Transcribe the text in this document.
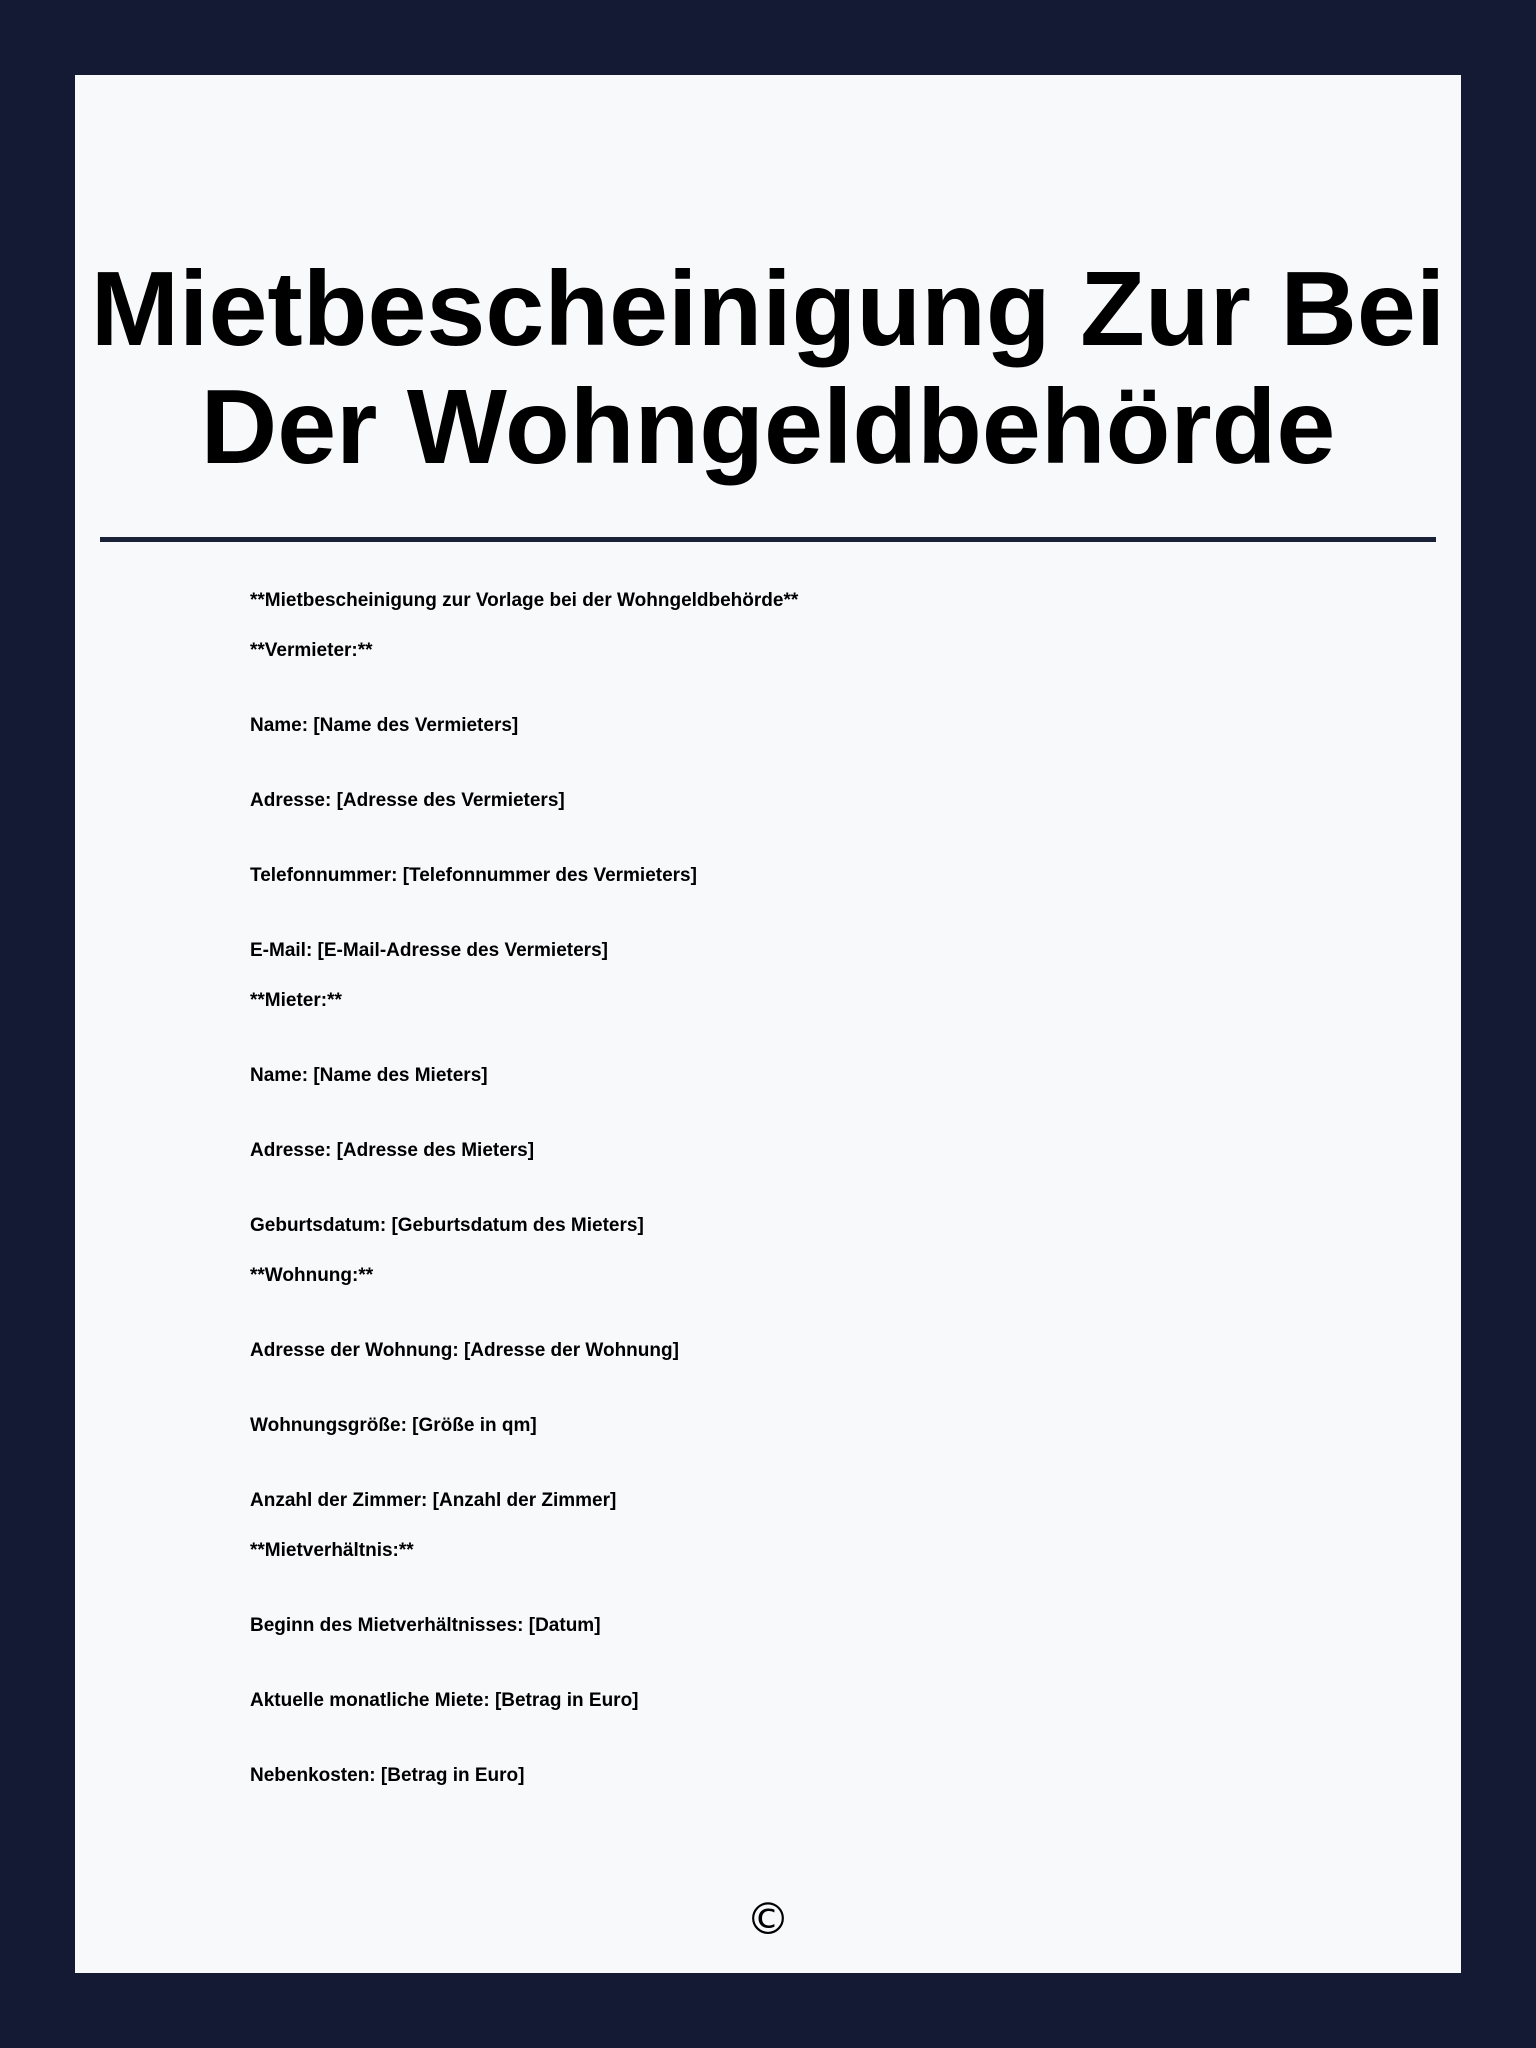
Mietbescheinigung Zur Bei
Der Wohngeldbehörde
**Mietbescheinigung zur Vorlage bei der Wohngeldbehörde**
**Vermieter:**
Name: [Name des Vermieters]
Adresse: [Adresse des Vermieters]
Telefonnummer: [Telefonnummer des Vermieters]
E-Mail: [E-Mail-Adresse des Vermieters]
**Mieter:**
Name: [Name des Mieters]
Adresse: [Adresse des Mieters]
Geburtsdatum: [Geburtsdatum des Mieters]
**Wohnung:**
Adresse der Wohnung: [Adresse der Wohnung]
Wohnungsgröße: [Größe in qm]
Anzahl der Zimmer: [Anzahl der Zimmer]
**Mietverhältnis:**
Beginn des Mietverhältnisses: [Datum]
Aktuelle monatliche Miete: [Betrag in Euro]
Nebenkosten: [Betrag in Euro]
©
